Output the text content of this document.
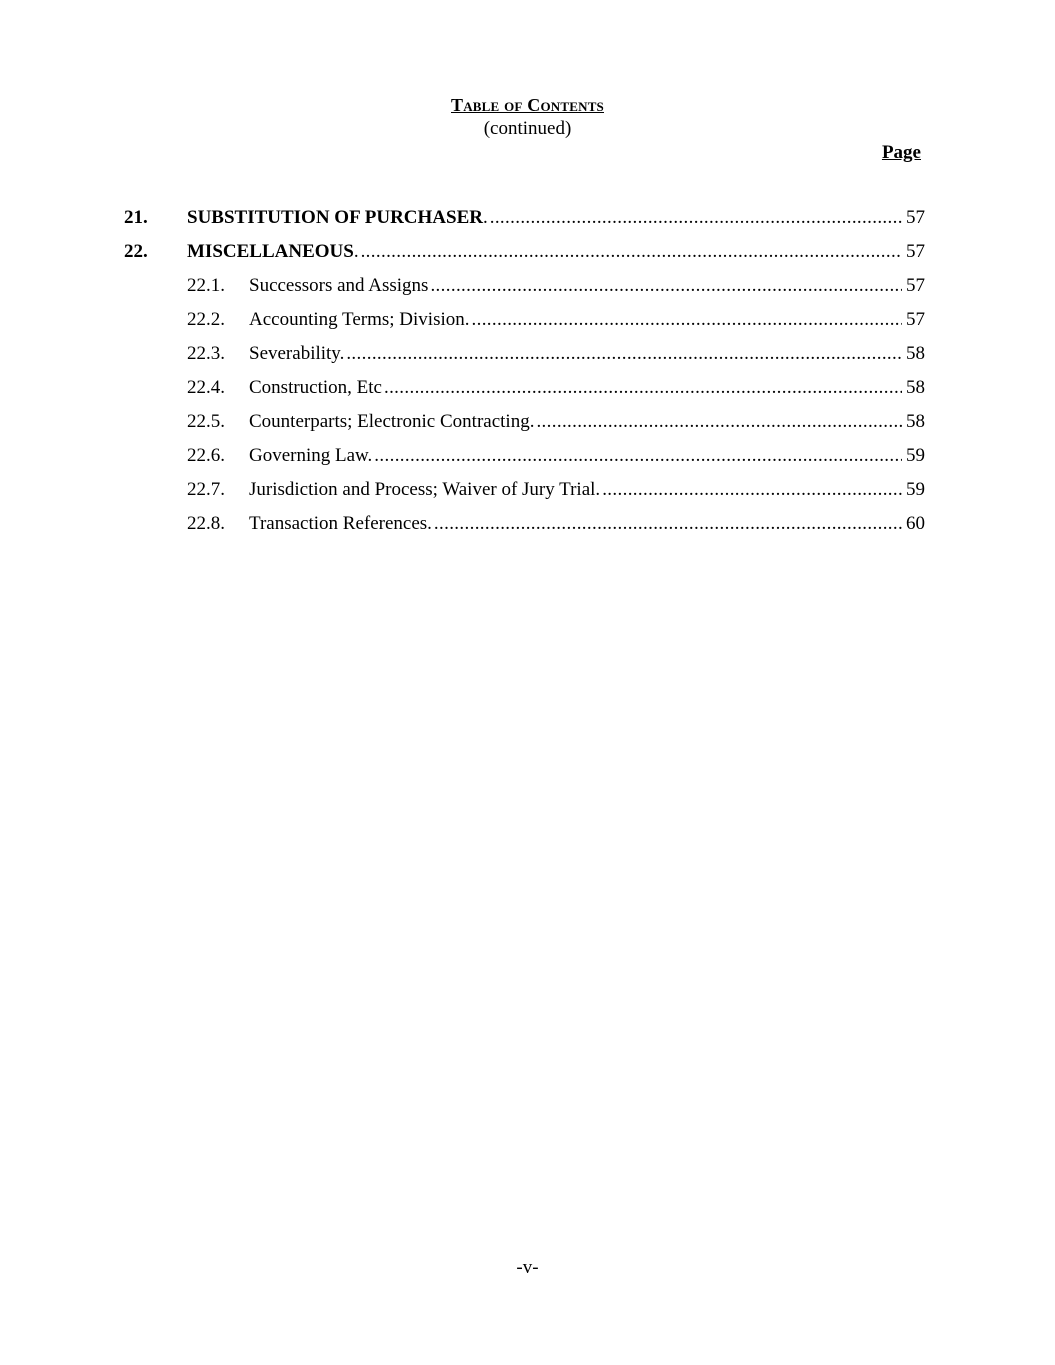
Table of Contents
(continued)
Page
21. SUBSTITUTION OF PURCHASER. . . .	57
22. MISCELLANEOUS. . . .	57
22.1. Successors and Assigns . . .	57
22.2. Accounting Terms; Division. . . .	57
22.3. Severability. . . .	58
22.4. Construction, Etc . . .	58
22.5. Counterparts; Electronic Contracting. . . .	58
22.6. Governing Law. . . .	59
22.7. Jurisdiction and Process; Waiver of Jury Trial. . . .	59
22.8. Transaction References. . . .	60
-v-
